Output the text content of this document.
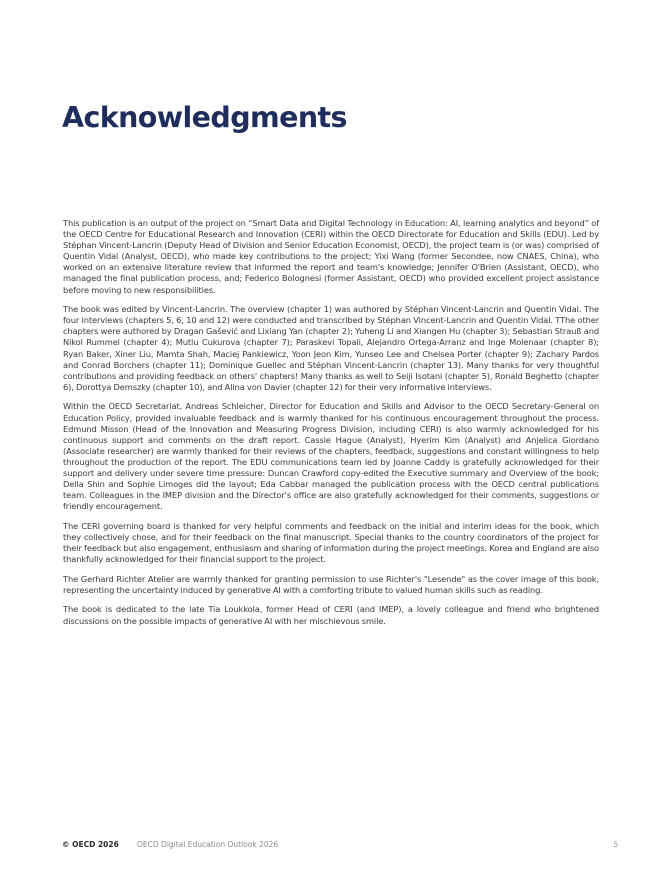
Acknowledgments

This publication is an output of the project on “Smart Data and Digital Technology in Education: AI, learning analytics and beyond” of the OECD Centre for Educational Research and Innovation (CERI) within the OECD Directorate for Education and Skills (EDU). Led by Stéphan Vincent-Lancrin (Deputy Head of Division and Senior Education Economist, OECD), the project team is (or was) comprised of Quentin Vidal (Analyst, OECD), who made key contributions to the project; Yixi Wang (former Secondee, now CNAES, China), who worked on an extensive literature review that informed the report and team's knowledge; Jennifer O'Brien (Assistant, OECD), who managed the final publication process, and; Federico Bolognesi (former Assistant, OECD) who provided excellent project assistance before moving to new responsibilities.

The book was edited by Vincent-Lancrin. The overview (chapter 1) was authored by Stéphan Vincent-Lancrin and Quentin Vidal. The four interviews (chapters 5, 6, 10 and 12) were conducted and transcribed by Stéphan Vincent-Lancrin and Quentin Vidal. TThe other chapters were authored by Dragan Gašević and Lixiang Yan (chapter 2); Yuheng Li and Xiangen Hu (chapter 3); Sebastian Strauß and Nikol Rummel (chapter 4); Mutlu Cukurova (chapter 7); Paraskevi Topali, Alejandro Ortega-Arranz and Inge Molenaar (chapter 8); Ryan Baker, Xiner Liu, Mamta Shah, Maciej Pankiewicz, Yoon Jeon Kim, Yunseo Lee and Chelsea Porter (chapter 9); Zachary Pardos and Conrad Borchers (chapter 11); Dominique Guellec and Stéphan Vincent-Lancrin (chapter 13). Many thanks for very thoughtful contributions and providing feedback on others' chapters! Many thanks as well to Seiji Isotani (chapter 5), Ronald Beghetto (chapter 6), Dorottya Demszky (chapter 10), and Alina von Davier (chapter 12) for their very informative interviews.

Within the OECD Secretariat, Andreas Schleicher, Director for Education and Skills and Advisor to the OECD Secretary-General on Education Policy, provided invaluable feedback and is warmly thanked for his continuous encouragement throughout the process. Edmund Misson (Head of the Innovation and Measuring Progress Division, including CERI) is also warmly acknowledged for his continuous support and comments on the draft report. Cassie Hague (Analyst), Hyerim Kim (Analyst) and Anjelica Giordano (Associate researcher) are warmly thanked for their reviews of the chapters, feedback, suggestions and constant willingness to help throughout the production of the report. The EDU communications team led by Joanne Caddy is gratefully acknowledged for their support and delivery under severe time pressure: Duncan Crawford copy-edited the Executive summary and Overview of the book; Della Shin and Sophie Limoges did the layout; Eda Cabbar managed the publication process with the OECD central publications team. Colleagues in the IMEP division and the Director's office are also gratefully acknowledged for their comments, suggestions or friendly encouragement.

The CERI governing board is thanked for very helpful comments and feedback on the initial and interim ideas for the book, which they collectively chose, and for their feedback on the final manuscript. Special thanks to the country coordinators of the project for their feedback but also engagement, enthusiasm and sharing of information during the project meetings. Korea and England are also thankfully acknowledged for their financial support to the project.

The Gerhard Richter Atelier are warmly thanked for granting permission to use Richter's "Lesende" as the cover image of this book, representing the uncertainty induced by generative AI with a comforting tribute to valued human skills such as reading.

The book is dedicated to the late Tia Loukkola, former Head of CERI (and IMEP), a lovely colleague and friend who brightened discussions on the possible impacts of generative AI with her mischievous smile.

© OECD 2026 OECD Digital Education Outlook 2026	5
